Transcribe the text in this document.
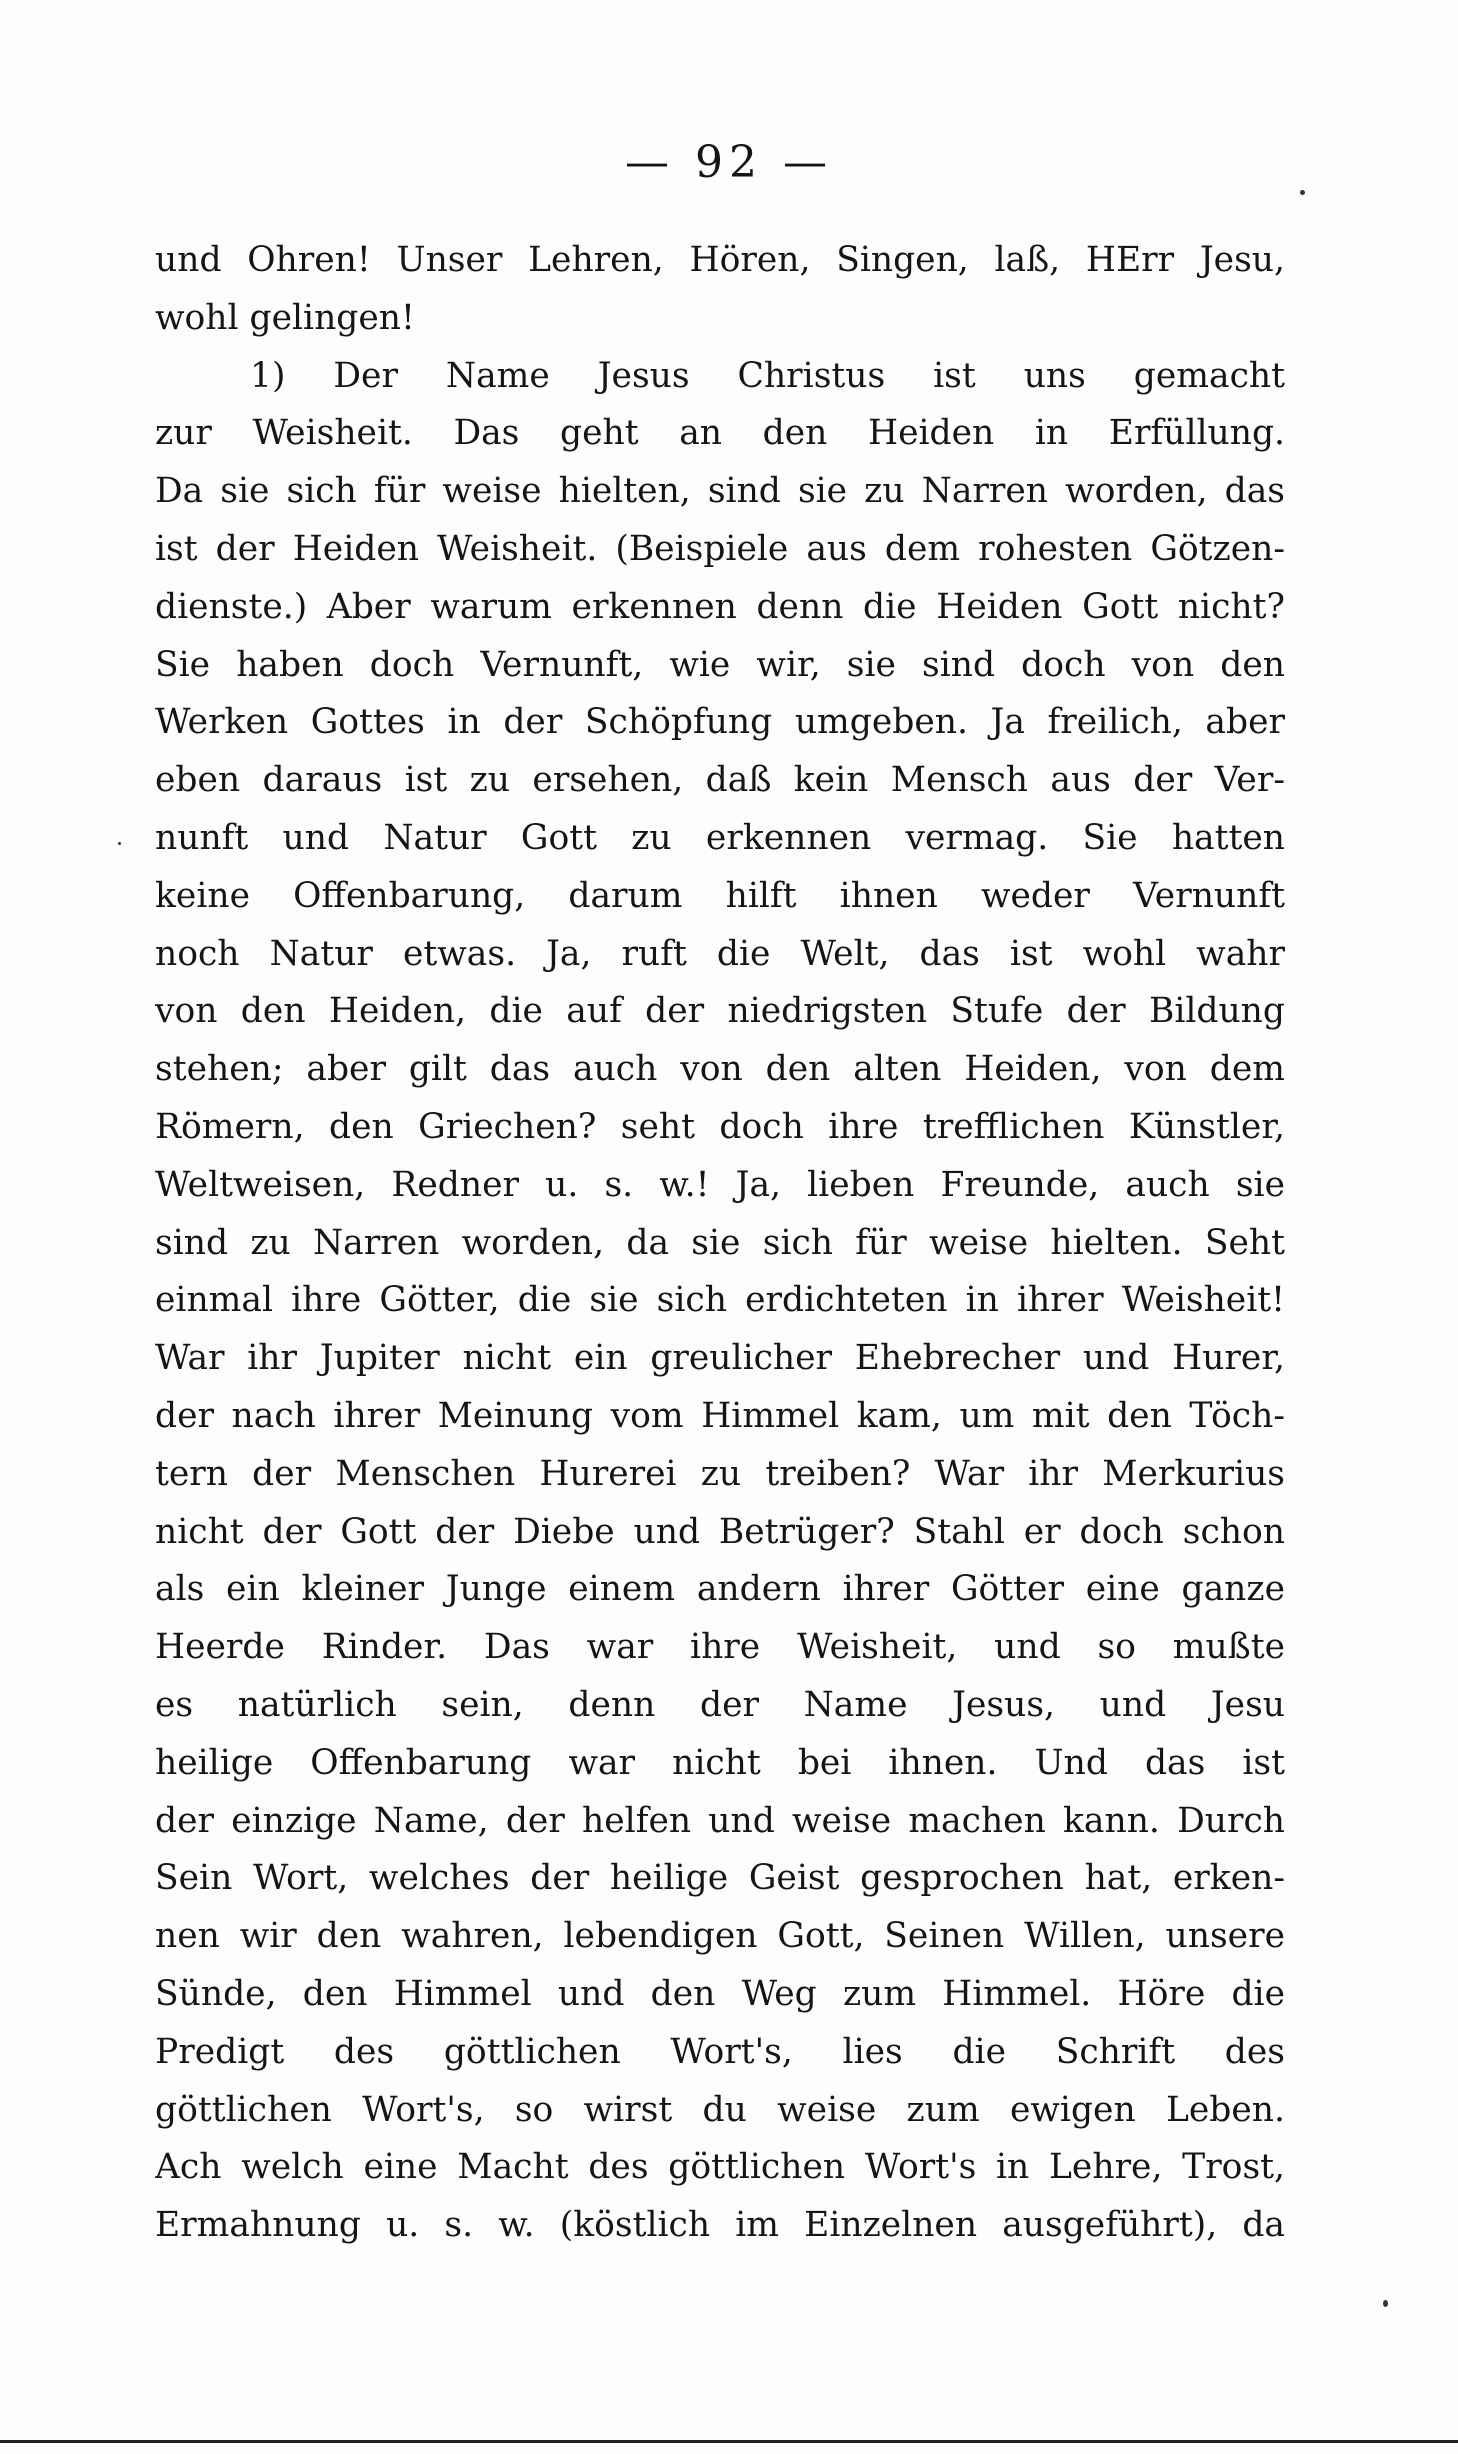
— 92 —
und Ohren! Unser Lehren, Hören, Singen, laß, HErr Jesu,
wohl gelingen!
1) Der Name Jesus Christus ist uns gemacht
zur Weisheit. Das geht an den Heiden in Erfüllung.
Da sie sich für weise hielten, sind sie zu Narren worden, das
ist der Heiden Weisheit. (Beispiele aus dem rohesten Götzen-
dienste.) Aber warum erkennen denn die Heiden Gott nicht?
Sie haben doch Vernunft, wie wir, sie sind doch von den
Werken Gottes in der Schöpfung umgeben. Ja freilich, aber
eben daraus ist zu ersehen, daß kein Mensch aus der Ver-
nunft und Natur Gott zu erkennen vermag. Sie hatten
keine Offenbarung, darum hilft ihnen weder Vernunft
noch Natur etwas. Ja, ruft die Welt, das ist wohl wahr
von den Heiden, die auf der niedrigsten Stufe der Bildung
stehen; aber gilt das auch von den alten Heiden, von dem
Römern, den Griechen? seht doch ihre trefflichen Künstler,
Weltweisen, Redner u. s. w.! Ja, lieben Freunde, auch sie
sind zu Narren worden, da sie sich für weise hielten. Seht
einmal ihre Götter, die sie sich erdichteten in ihrer Weisheit!
War ihr Jupiter nicht ein greulicher Ehebrecher und Hurer,
der nach ihrer Meinung vom Himmel kam, um mit den Töch-
tern der Menschen Hurerei zu treiben? War ihr Merkurius
nicht der Gott der Diebe und Betrüger? Stahl er doch schon
als ein kleiner Junge einem andern ihrer Götter eine ganze
Heerde Rinder. Das war ihre Weisheit, und so mußte
es natürlich sein, denn der Name Jesus, und Jesu
heilige Offenbarung war nicht bei ihnen. Und das ist
der einzige Name, der helfen und weise machen kann. Durch
Sein Wort, welches der heilige Geist gesprochen hat, erken-
nen wir den wahren, lebendigen Gott, Seinen Willen, unsere
Sünde, den Himmel und den Weg zum Himmel. Höre die
Predigt des göttlichen Wort's, lies die Schrift des
göttlichen Wort's, so wirst du weise zum ewigen Leben.
Ach welch eine Macht des göttlichen Wort's in Lehre, Trost,
Ermahnung u. s. w. (köstlich im Einzelnen ausgeführt), da
